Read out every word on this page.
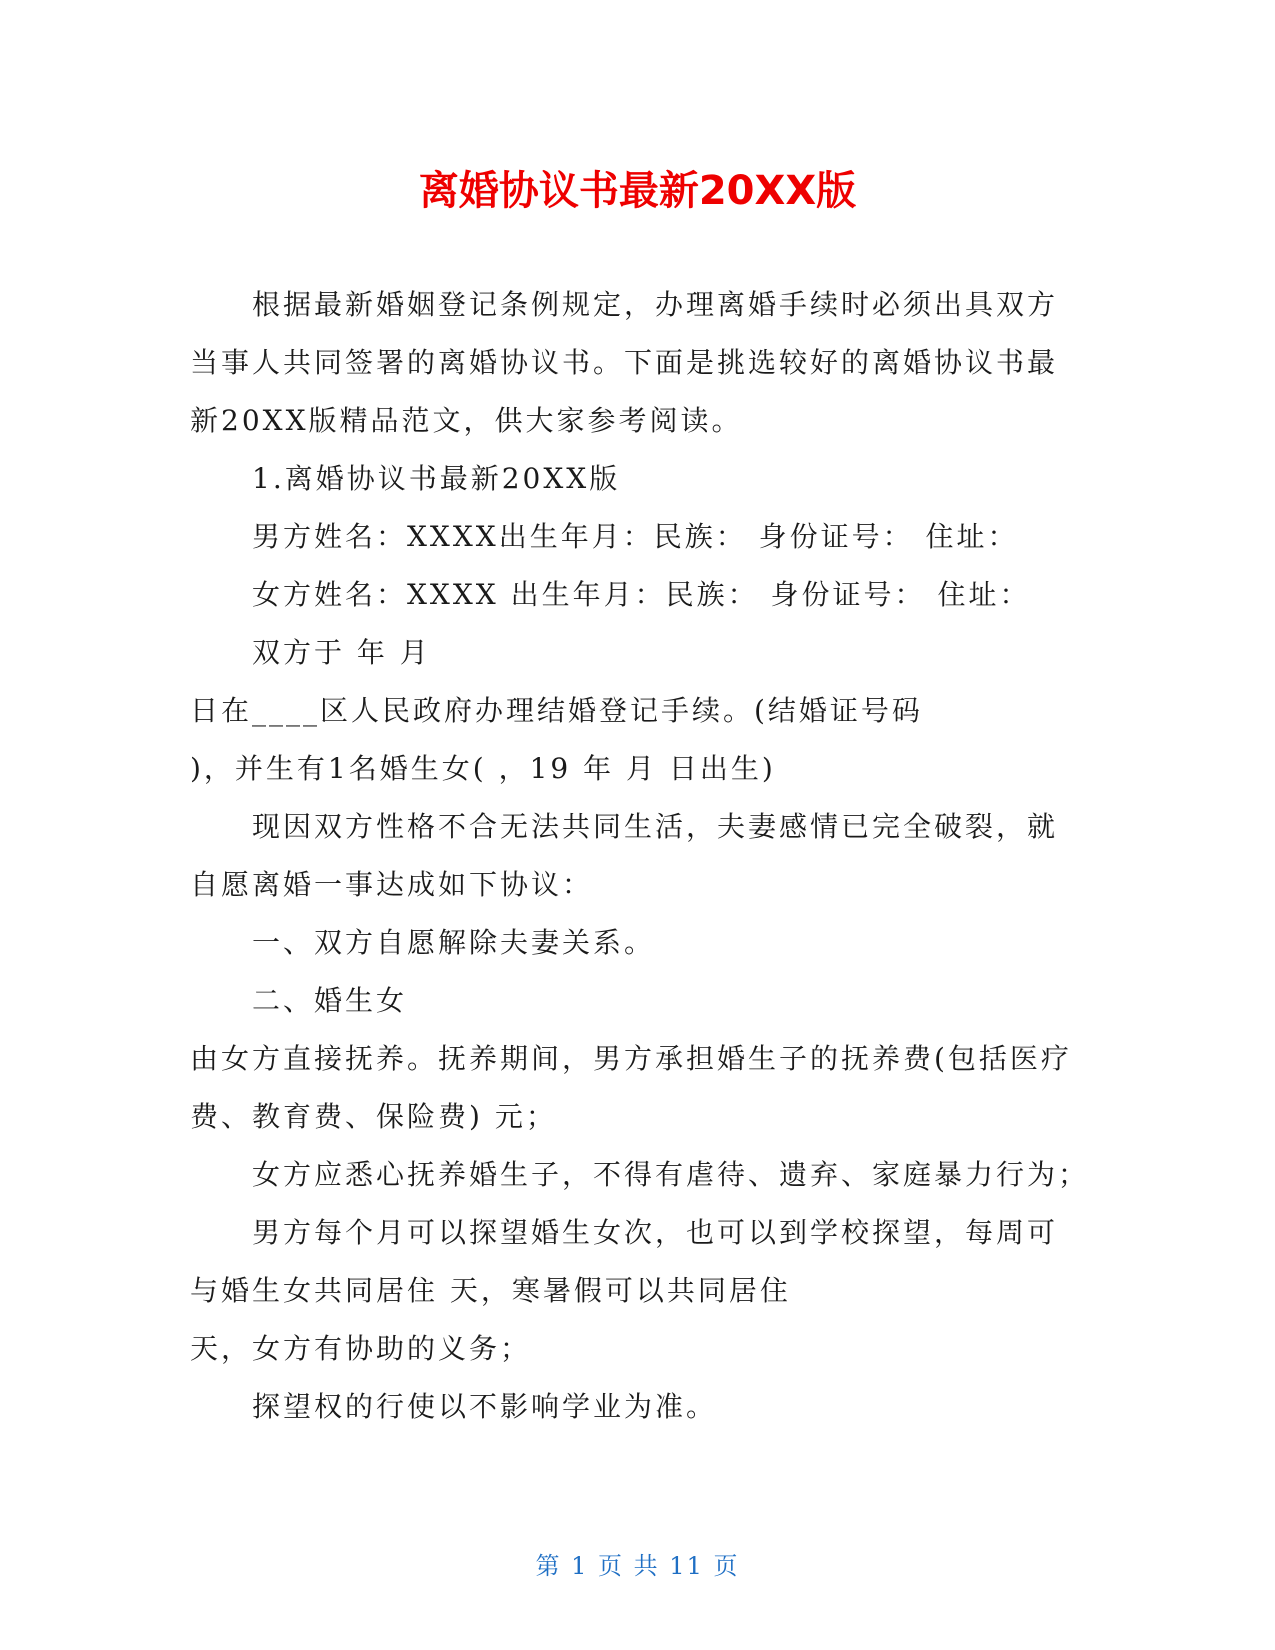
离婚协议书最新20XX版
根据最新婚姻登记条例规定，办理离婚手续时必须出具双方
当事人共同签署的离婚协议书。下面是挑选较好的离婚协议书最
新20XX版精品范文，供大家参考阅读。
1.离婚协议书最新20XX版
男方姓名：XXXX出生年月：民族： 身份证号： 住址：
女方姓名：XXXX 出生年月：民族： 身份证号： 住址：
双方于 年 月
日在____区人民政府办理结婚登记手续。(结婚证号码
)，并生有1名婚生女( ，19 年 月 日出生)
现因双方性格不合无法共同生活，夫妻感情已完全破裂，就
自愿离婚一事达成如下协议：
一、双方自愿解除夫妻关系。
二、婚生女
由女方直接抚养。抚养期间，男方承担婚生子的抚养费(包括医疗
费、教育费、保险费) 元；
女方应悉心抚养婚生子，不得有虐待、遗弃、家庭暴力行为；
男方每个月可以探望婚生女次，也可以到学校探望，每周可
与婚生女共同居住 天，寒暑假可以共同居住
天，女方有协助的义务；
探望权的行使以不影响学业为准。
第 1 页 共 11 页
